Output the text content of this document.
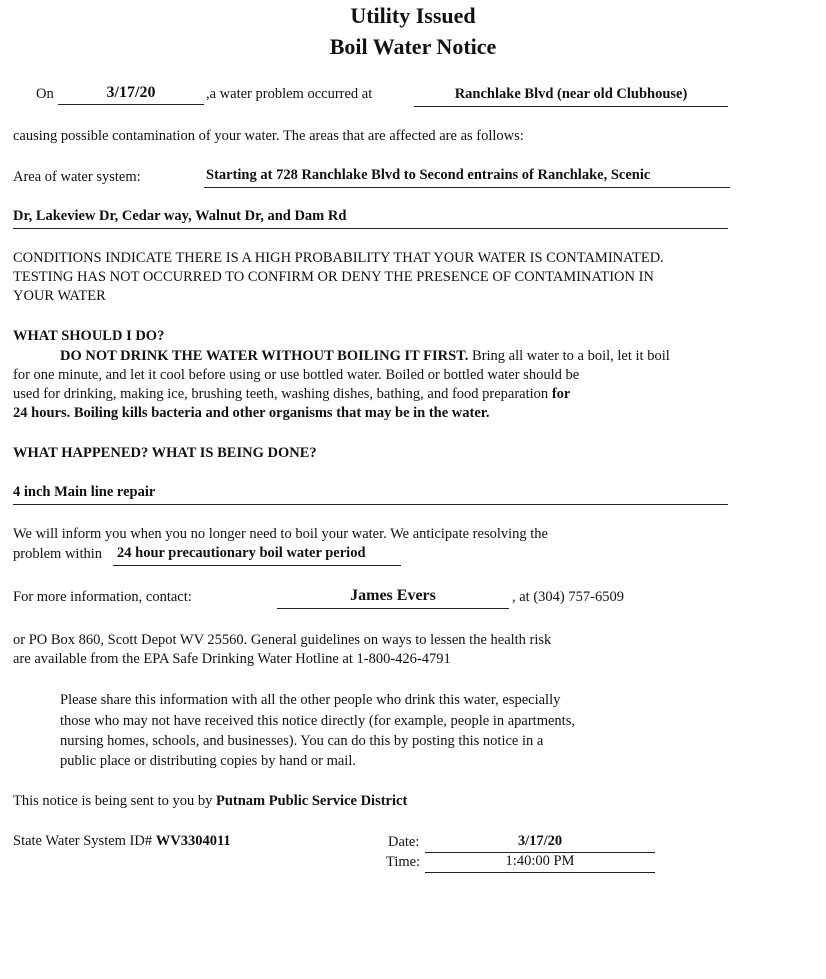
Utility Issued
Boil Water Notice
On	3/17/20	,a water problem occurred at	Ranchlake Blvd (near old Clubhouse)
causing possible contamination of your water. The areas that are affected are as follows:
Area of water system:	Starting at 728 Ranchlake Blvd to Second entrains of Ranchlake, Scenic
Dr, Lakeview Dr, Cedar way, Walnut Dr, and Dam Rd
CONDITIONS INDICATE THERE IS A HIGH PROBABILITY THAT YOUR WATER IS CONTAMINATED.
TESTING HAS NOT OCCURRED TO CONFIRM OR DENY THE PRESENCE OF CONTAMINATION IN
YOUR WATER
WHAT SHOULD I DO?
DO NOT DRINK THE WATER WITHOUT BOILING IT FIRST. Bring all water to a boil, let it boil
for one minute, and let it cool before using or use bottled water. Boiled or bottled water should be
used for drinking, making ice, brushing teeth, washing dishes, bathing, and food preparation for
24 hours. Boiling kills bacteria and other organisms that may be in the water.
WHAT HAPPENED? WHAT IS BEING DONE?
4 inch Main line repair
We will inform you when you no longer need to boil your water. We anticipate resolving the
problem within 24 hour precautionary boil water period
For more information, contact:	James Evers	, at (304) 757-6509
or PO Box 860, Scott Depot WV 25560. General guidelines on ways to lessen the health risk
are available from the EPA Safe Drinking Water Hotline at 1-800-426-4791
Please share this information with all the other people who drink this water, especially
those who may not have received this notice directly (for example, people in apartments,
nursing homes, schools, and businesses). You can do this by posting this notice in a
public place or distributing copies by hand or mail.
This notice is being sent to you by Putnam Public Service District
State Water System ID# WV3304011	Date:	3/17/20
Time:	1:40:00 PM
